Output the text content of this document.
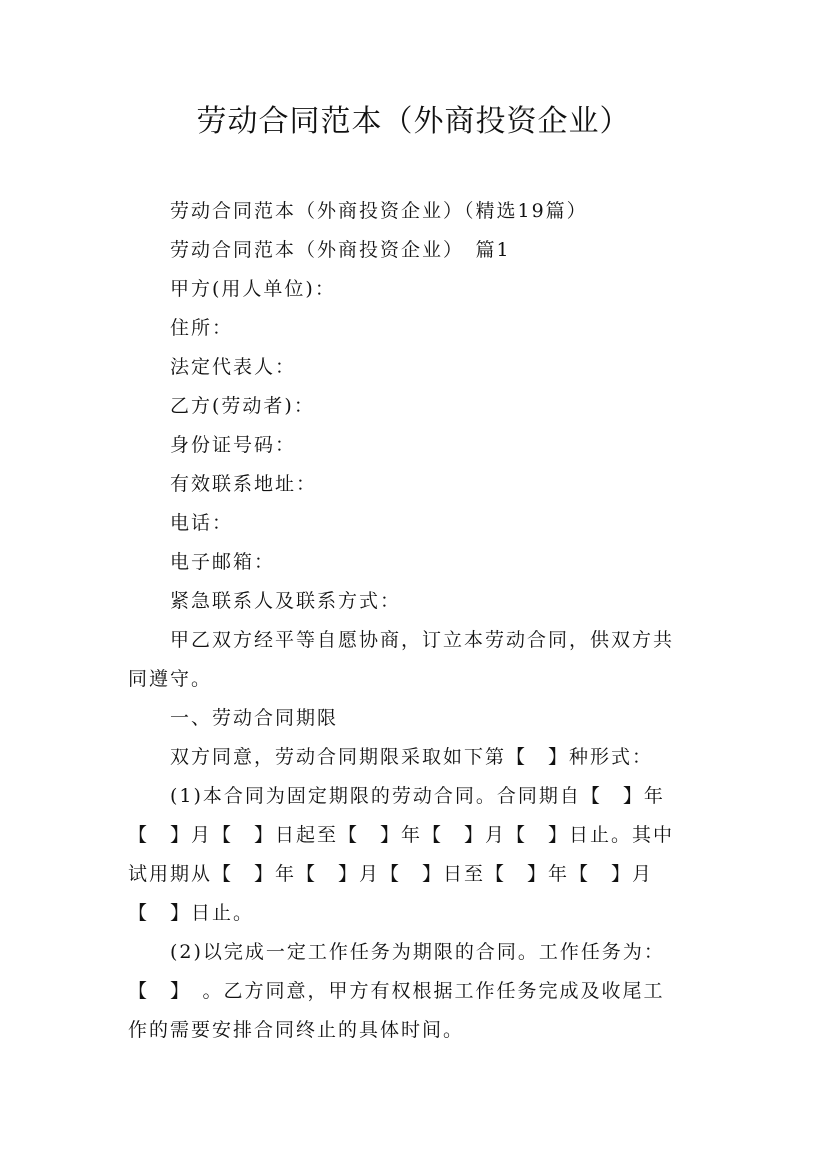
劳动合同范本（外商投资企业）

劳动合同范本（外商投资企业）（精选19篇）

劳动合同范本（外商投资企业）　篇1

甲方(用人单位)：

住所：

法定代表人：

乙方(劳动者)：

身份证号码：

有效联系地址：

电话：

电子邮箱：

紧急联系人及联系方式：

甲乙双方经平等自愿协商，订立本劳动合同，供双方共

同遵守。

一、劳动合同期限

双方同意，劳动合同期限采取如下第【　】种形式：

(1)本合同为固定期限的劳动合同。合同期自【　】年

【　】月【　】日起至【　】年【　】月【　】日止。其中

试用期从【　】年【　】月【　】日至【　】年【　】月

【　】日止。

(2)以完成一定工作任务为期限的合同。工作任务为：

【　】　。乙方同意，甲方有权根据工作任务完成及收尾工

作的需要安排合同终止的具体时间。
